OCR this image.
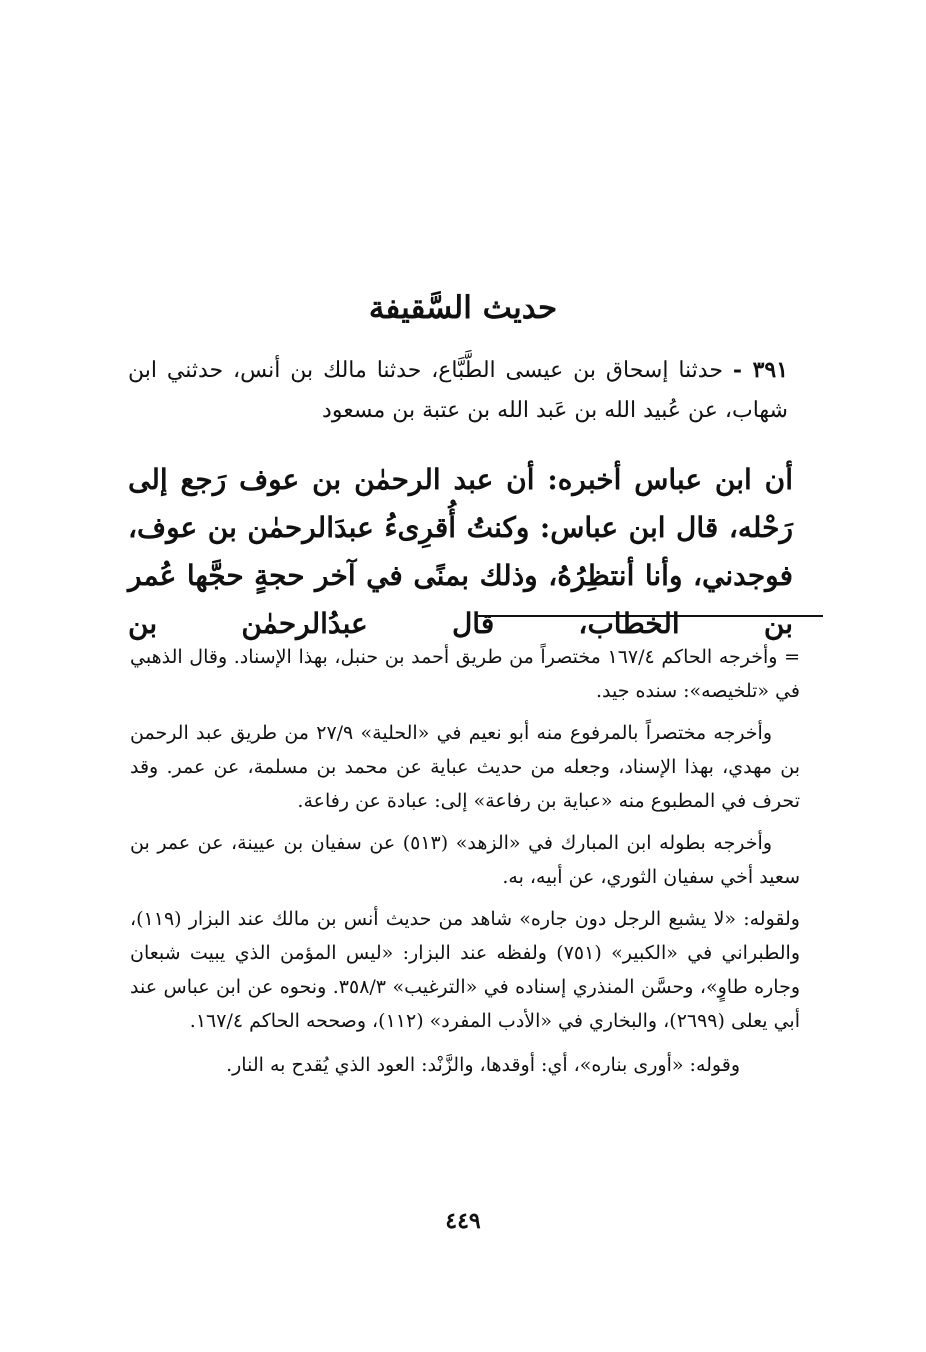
حديث السَّقيفة
٣٩١ - حدثنا إسحاق بن عيسى الطَّبَّاع، حدثنا مالك بن أنس، حدثني ابن شهاب، عن عُبيد الله بن عَبد الله بن عتبة بن مسعود
أن ابن عباس أخبره: أن عبد الرحمٰن بن عوف رَجع إلى رَحْله، قال ابن عباس: وكنتُ أُقرِىءُ عبدَالرحمٰن بن عوف، فوجدني، وأنا أنتظِرُهُ، وذلك بمنًى في آخر حجةٍ حجَّها عُمر بن الخطاب، قال عبدُالرحمٰن بن

= وأخرجه الحاكم ١٦٧/٤ مختصراً من طريق أحمد بن حنبل، بهذا الإسناد. وقال الذهبي في «تلخيصه»: سنده جيد.

وأخرجه مختصراً بالمرفوع منه أبو نعيم في «الحلية» ٢٧/٩ من طريق عبد الرحمن بن مهدي، بهذا الإسناد، وجعله من حديث عباية عن محمد بن مسلمة، عن عمر. وقد تحرف في المطبوع منه «عباية بن رفاعة» إلى: عبادة عن رفاعة.

وأخرجه بطوله ابن المبارك في «الزهد» (٥١٣) عن سفيان بن عيينة، عن عمر بن سعيد أخي سفيان الثوري، عن أبيه، به.

ولقوله: «لا يشبع الرجل دون جاره» شاهد من حديث أنس بن مالك عند البزار (١١٩)، والطبراني في «الكبير» (٧٥١) ولفظه عند البزار: «ليس المؤمن الذي يبيت شبعان وجاره طاوٍ»، وحسَّن المنذري إسناده في «الترغيب» ٣٥٨/٣. ونحوه عن ابن عباس عند أبي يعلى (٢٦٩٩)، والبخاري في «الأدب المفرد» (١١٢)، وصححه الحاكم ١٦٧/٤.

وقوله: «أورى بناره»، أي: أوقدها، والزَّنْد: العود الذي يُقدح به النار.

٤٤٩
